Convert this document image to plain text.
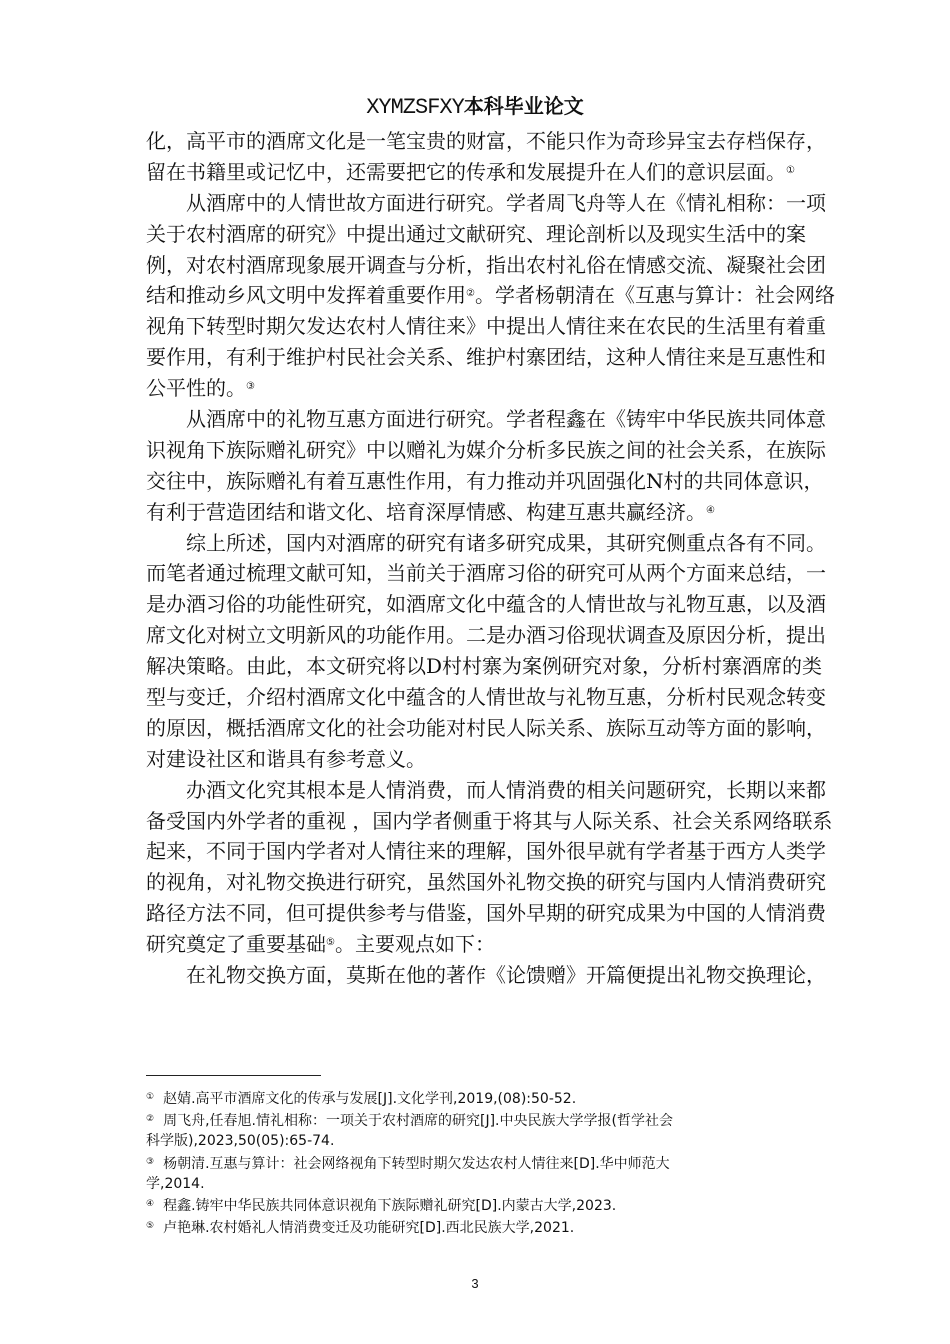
XYMZSFXY本科毕业论文
化，高平市的酒席文化是一笔宝贵的财富，不能只作为奇珍异宝去存档保存，
留在书籍里或记忆中，还需要把它的传承和发展提升在人们的意识层面。①
从酒席中的人情世故方面进行研究。学者周飞舟等人在《情礼相称：一项
关于农村酒席的研究》中提出通过文献研究、理论剖析以及现实生活中的案
例，对农村酒席现象展开调查与分析，指出农村礼俗在情感交流、凝聚社会团
结和推动乡风文明中发挥着重要作用②。学者杨朝清在《互惠与算计：社会网络
视角下转型时期欠发达农村人情往来》中提出人情往来在农民的生活里有着重
要作用，有利于维护村民社会关系、维护村寨团结，这种人情往来是互惠性和
公平性的。③
从酒席中的礼物互惠方面进行研究。学者程鑫在《铸牢中华民族共同体意
识视角下族际赠礼研究》中以赠礼为媒介分析多民族之间的社会关系，在族际
交往中，族际赠礼有着互惠性作用，有力推动并巩固强化N村的共同体意识，
有利于营造团结和谐文化、培育深厚情感、构建互惠共赢经济。④
综上所述，国内对酒席的研究有诸多研究成果，其研究侧重点各有不同。
而笔者通过梳理文献可知，当前关于酒席习俗的研究可从两个方面来总结，一
是办酒习俗的功能性研究，如酒席文化中蕴含的人情世故与礼物互惠，以及酒
席文化对树立文明新风的功能作用。二是办酒习俗现状调查及原因分析，提出
解决策略。由此，本文研究将以D村村寨为案例研究对象，分析村寨酒席的类
型与变迁，介绍村酒席文化中蕴含的人情世故与礼物互惠，分析村民观念转变
的原因，概括酒席文化的社会功能对村民人际关系、族际互动等方面的影响，
对建设社区和谐具有参考意义。
办酒文化究其根本是人情消费，而人情消费的相关问题研究，长期以来都
备受国内外学者的重视 ，国内学者侧重于将其与人际关系、社会关系网络联系
起来，不同于国内学者对人情往来的理解，国外很早就有学者基于西方人类学
的视角，对礼物交换进行研究，虽然国外礼物交换的研究与国内人情消费研究
路径方法不同，但可提供参考与借鉴，国外早期的研究成果为中国的人情消费
研究奠定了重要基础⑤。主要观点如下：
在礼物交换方面，莫斯在他的著作《论馈赠》开篇便提出礼物交换理论，
① 赵婧.高平市酒席文化的传承与发展[J].文化学刊,2019,(08):50-52.
② 周飞舟,任春旭.情礼相称：一项关于农村酒席的研究[J].中央民族大学学报(哲学社会
科学版),2023,50(05):65-74.
③ 杨朝清.互惠与算计：社会网络视角下转型时期欠发达农村人情往来[D].华中师范大
学,2014.
④ 程鑫.铸牢中华民族共同体意识视角下族际赠礼研究[D].内蒙古大学,2023.
⑤ 卢艳琳.农村婚礼人情消费变迁及功能研究[D].西北民族大学,2021.
3
